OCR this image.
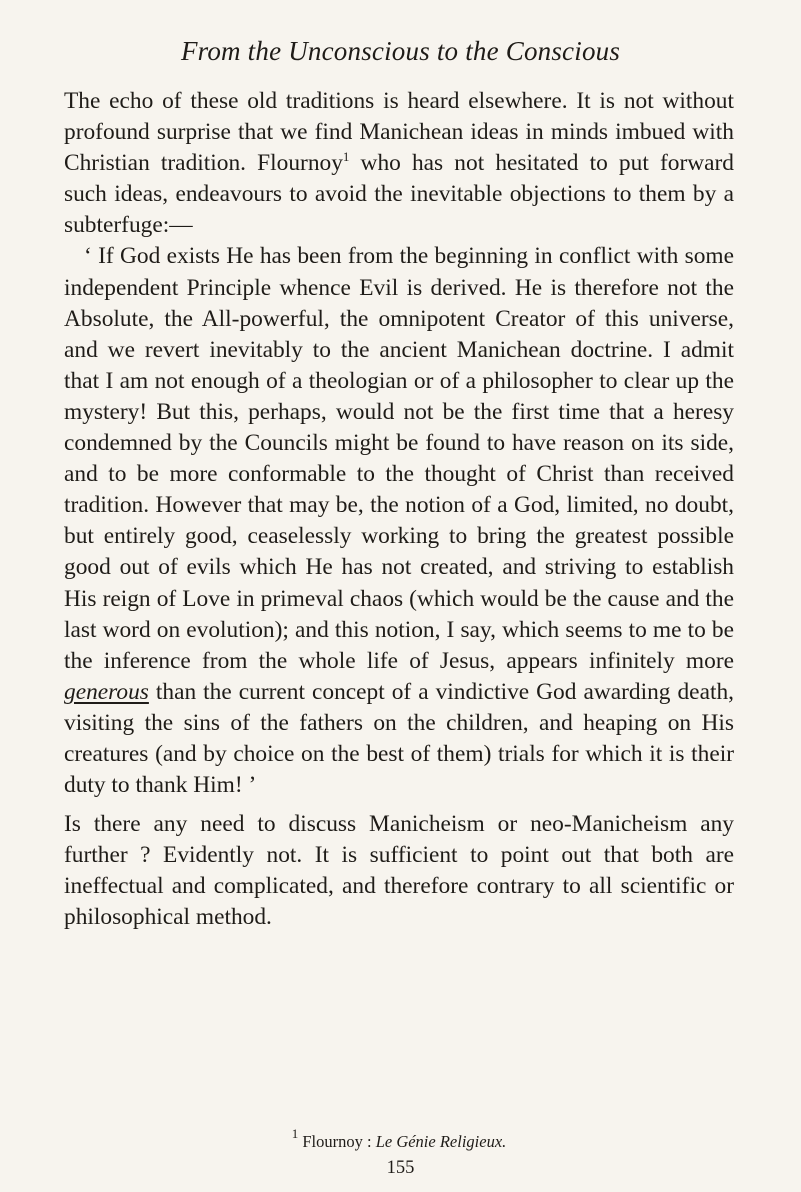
From the Unconscious to the Conscious

The echo of these old traditions is heard elsewhere. It is not without profound surprise that we find Manichean ideas in minds imbued with Christian tradition. Flournoy$^1$ who has not hesitated to put forward such ideas, endeavours to avoid the inevitable objections to them by a subterfuge:—

‘ If God exists He has been from the beginning in conflict with some independent Principle whence Evil is derived. He is therefore not the Absolute, the All-powerful, the omnipotent Creator of this universe, and we revert inevitably to the ancient Manichean doctrine. I admit that I am not enough of a theologian or of a philosopher to clear up the mystery! But this, perhaps, would not be the first time that a heresy condemned by the Councils might be found to have reason on its side, and to be more conformable to the thought of Christ than received tradition. However that may be, the notion of a God, limited, no doubt, but entirely good, ceaselessly working to bring the greatest possible good out of evils which He has not created, and striving to establish His reign of Love in primeval chaos (which would be the cause and the last word on evolution); and this notion, I say, which seems to me to be the inference from the whole life of Jesus, appears infinitely more generous than the current concept of a vindictive God awarding death, visiting the sins of the fathers on the children, and heaping on His creatures (and by choice on the best of them) trials for which it is their duty to thank Him! ’

Is there any need to discuss Manicheism or neo-Manicheism any further ? Evidently not. It is sufficient to point out that both are ineffectual and complicated, and therefore contrary to all scientific or philosophical method.

$^1$ Flournoy : Le Génie Religieux.
155
